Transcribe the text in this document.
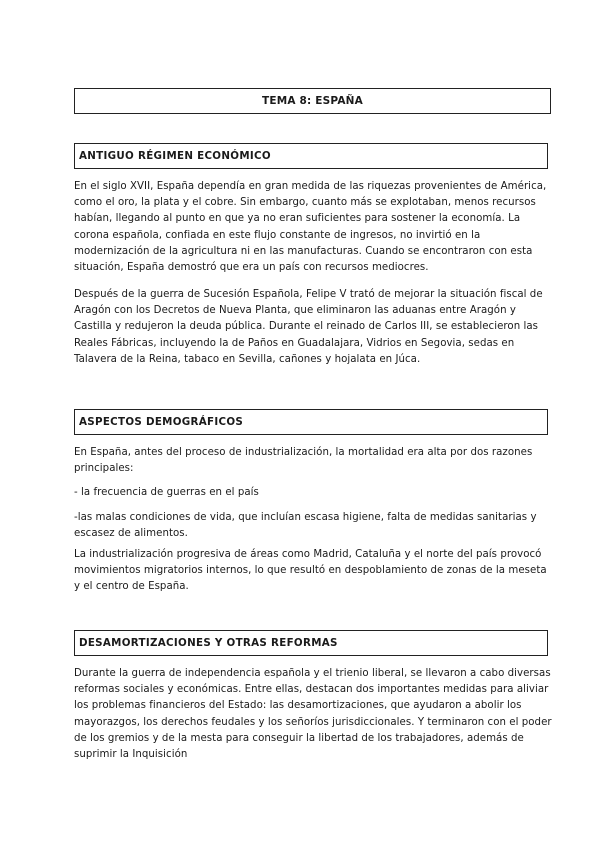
TEMA 8: ESPAÑA
ANTIGUO RÉGIMEN ECONÓMICO

En el siglo XVII, España dependía en gran medida de las riquezas provenientes de América, como el oro, la plata y el cobre. Sin embargo, cuanto más se explotaban, menos recursos habían, llegando al punto en que ya no eran suficientes para sostener la economía. La corona española, confiada en este flujo constante de ingresos, no invirtió en la modernización de la agricultura ni en las manufacturas. Cuando se encontraron con esta situación, España demostró que era un país con recursos mediocres.

Después de la guerra de Sucesión Española, Felipe V trató de mejorar la situación fiscal de Aragón con los Decretos de Nueva Planta, que eliminaron las aduanas entre Aragón y Castilla y redujeron la deuda pública. Durante el reinado de Carlos III, se establecieron las Reales Fábricas, incluyendo la de Paños en Guadalajara, Vidrios en Segovia, sedas en Talavera de la Reina, tabaco en Sevilla, cañones y hojalata en Júca.

ASPECTOS DEMOGRÁFICOS

En España, antes del proceso de industrialización, la mortalidad era alta por dos razones principales:

- la frecuencia de guerras en el país

-las malas condiciones de vida, que incluían escasa higiene, falta de medidas sanitarias y escasez de alimentos.

La industrialización progresiva de áreas como Madrid, Cataluña y el norte del país provocó movimientos migratorios internos, lo que resultó en despoblamiento de zonas de la meseta y el centro de España.

DESAMORTIZACIONES Y OTRAS REFORMAS

Durante la guerra de independencia española y el trienio liberal, se llevaron a cabo diversas reformas sociales y económicas. Entre ellas, destacan dos importantes medidas para aliviar los problemas financieros del Estado: las desamortizaciones, que ayudaron a abolir los mayorazgos, los derechos feudales y los señoríos jurisdiccionales. Y terminaron con el poder de los gremios y de la mesta para conseguir la libertad de los trabajadores, además de suprimir la Inquisición
